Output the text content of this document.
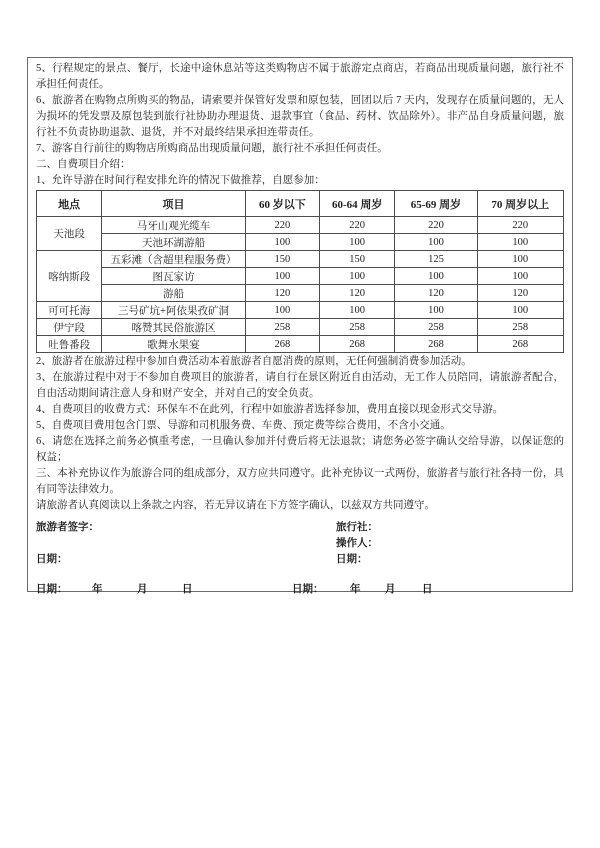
5、行程规定的景点、餐厅，长途中途休息站等这类购物店不属于旅游定点商店，若商品出现质量问题，旅行社不承担任何责任。

6、旅游者在购物点所购买的物品，请索要并保管好发票和原包装，回团以后 7 天内，发现存在质量问题的，无人为损坏的凭发票及原包装到旅行社协助办理退货、退款事宜（食品、药材、饮品除外）。非产品自身质量问题，旅行社不负责协助退款、退货，并不对最终结果承担连带责任。

7、游客自行前往的购物店所购商品出现质量问题，旅行社不承担任何责任。

二、自费项目介绍：

1、允许导游在时间行程安排允许的情况下做推荐，自愿参加：

地点	项目	60 岁以下	60-64 周岁	65-69 周岁	70 周岁以上
天池段	马牙山观光缆车	220	220	220	220
	天池环湖游船	100	100	100	100
喀纳斯段	五彩滩（含超里程服务费）	150	150	125	100
	图瓦家访	100	100	100	100
	游船	120	120	120	120
可可托海	三号矿坑+阿依果孜矿洞	100	100	100	100
伊宁段	喀赞其民俗旅游区	258	258	258	258
吐鲁番段	歌舞水果宴	268	268	268	268

2、旅游者在旅游过程中参加自费活动本着旅游者自愿消费的原则，无任何强制消费参加活动。

3、在旅游过程中对于不参加自费项目的旅游者，请自行在景区附近自由活动，无工作人员陪同，请旅游者配合，自由活动期间请注意人身和财产安全，并对自己的安全负责。

4、自费项目的收费方式：环保车不在此列，行程中如旅游者选择参加，费用直接以现金形式交导游。

5、自费项目费用包含门票、导游和司机服务费、车费、预定费等综合费用，不含小交通。

6、请您在选择之前务必慎重考虑，一旦确认参加并付费后将无法退款；请您务必签字确认交给导游，以保证您的权益；

三、本补充协议作为旅游合同的组成部分，双方应共同遵守。此补充协议一式两份，旅游者与旅行社各持一份，具有同等法律效力。

请旅游者认真阅读以上条款之内容，若无异议请在下方签字确认，以兹双方共同遵守。

旅游者签字：	旅行社：
操作人：
日期：	日期：
日期： 年	月	日	日期：	年 月	日
